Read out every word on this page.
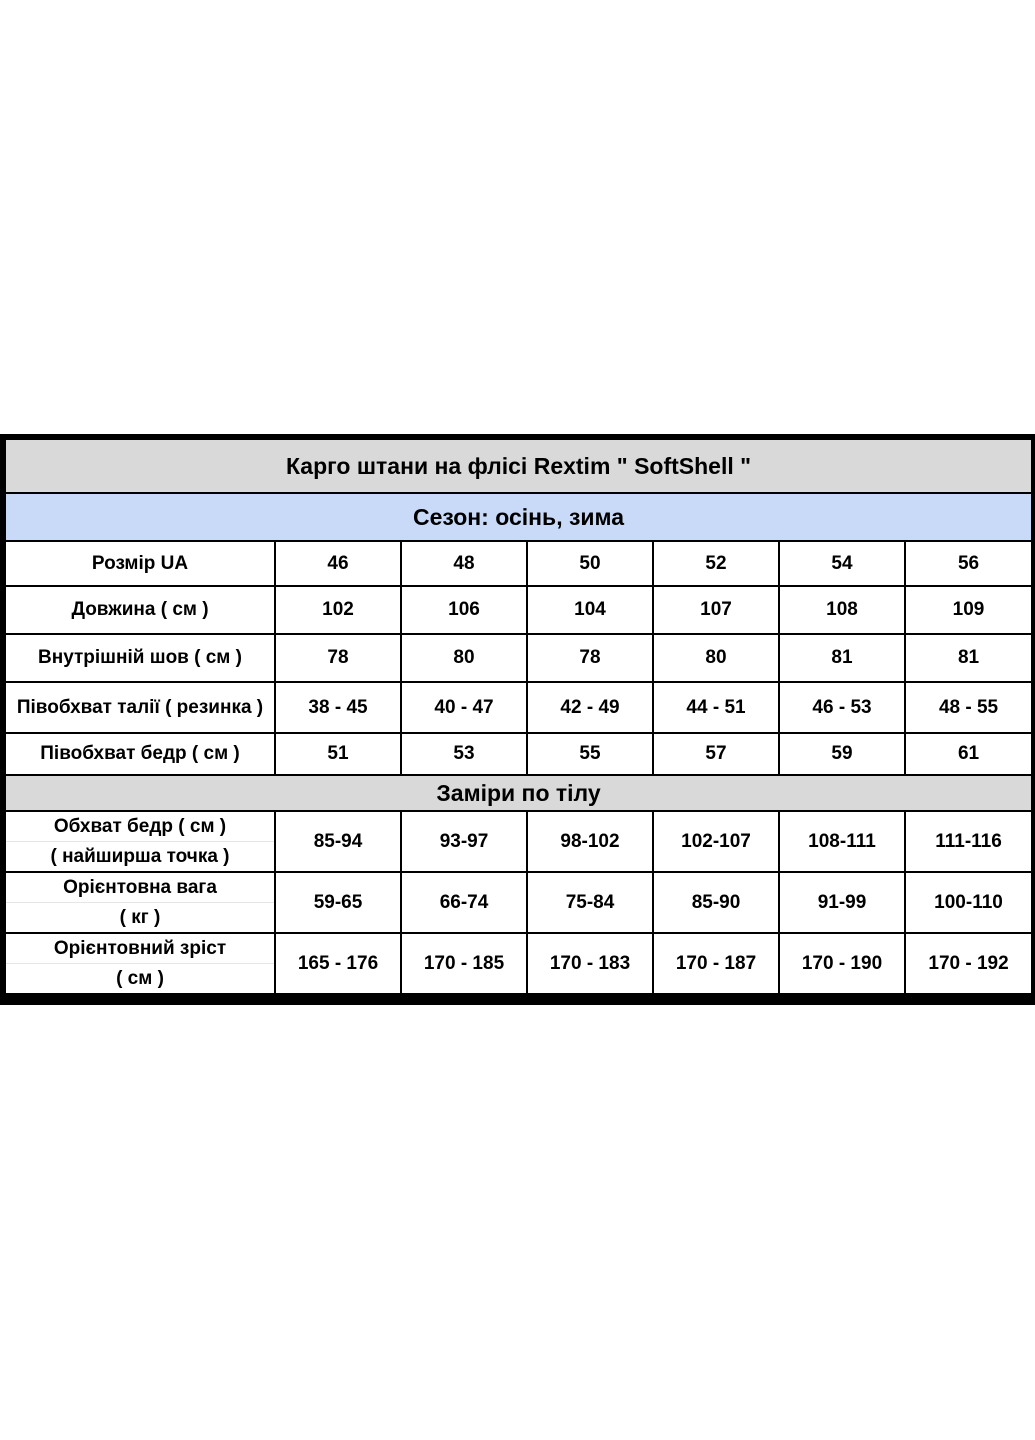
Карго штани на флісі Rextim " SoftShell "						
Сезон: осінь, зима						
Розмір UA	46	48	50	52	54	56
Довжина ( см )	102	106	104	107	108	109
Внутрішній шов ( см )	78	80	78	80	81	81
Півобхват талії ( резинка )	38 - 45	40 - 47	42 - 49	44 - 51	46 - 53	48 - 55
Півобхват бедр ( см )	51	53	55	57	59	61
Заміри по тілу						

Обхват бедр ( см )
( найширша точка )	85-94	93-97	98-102	102-107	108-111	111-116

Орієнтовна вага
( кг )	59-65	66-74	75-84	85-90	91-99	100-110

Орієнтовний зріст
( см )	165 - 176	170 - 185	170 - 183	170 - 187	170 - 190	170 - 192
